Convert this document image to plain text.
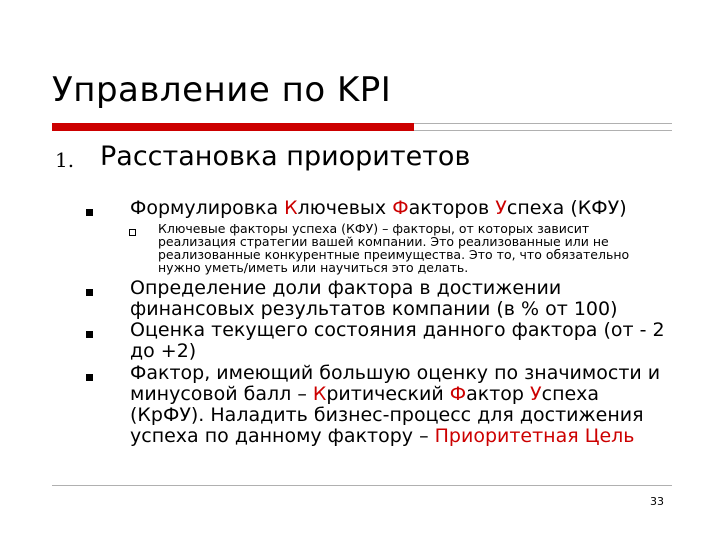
Управление по KPI
1. Расстановка приоритетов
Формулировка Ключевых Факторов Успеха (КФУ)
Ключевые факторы успеха (КФУ) – факторы, от которых зависит реализация стратегии вашей компании. Это реализованные или не реализованные конкурентные преимущества. Это то, что обязательно нужно уметь/иметь или научиться это делать.
Определение доли фактора в достижении финансовых результатов компании (в % от 100)
Оценка текущего состояния данного фактора (от - 2 до +2)
Фактор, имеющий большую оценку по значимости и минусовой балл – Критический Фактор Успеха (КрФУ). Наладить бизнес-процесс для достижения успеха по данному фактору – Приоритетная Цель
33
